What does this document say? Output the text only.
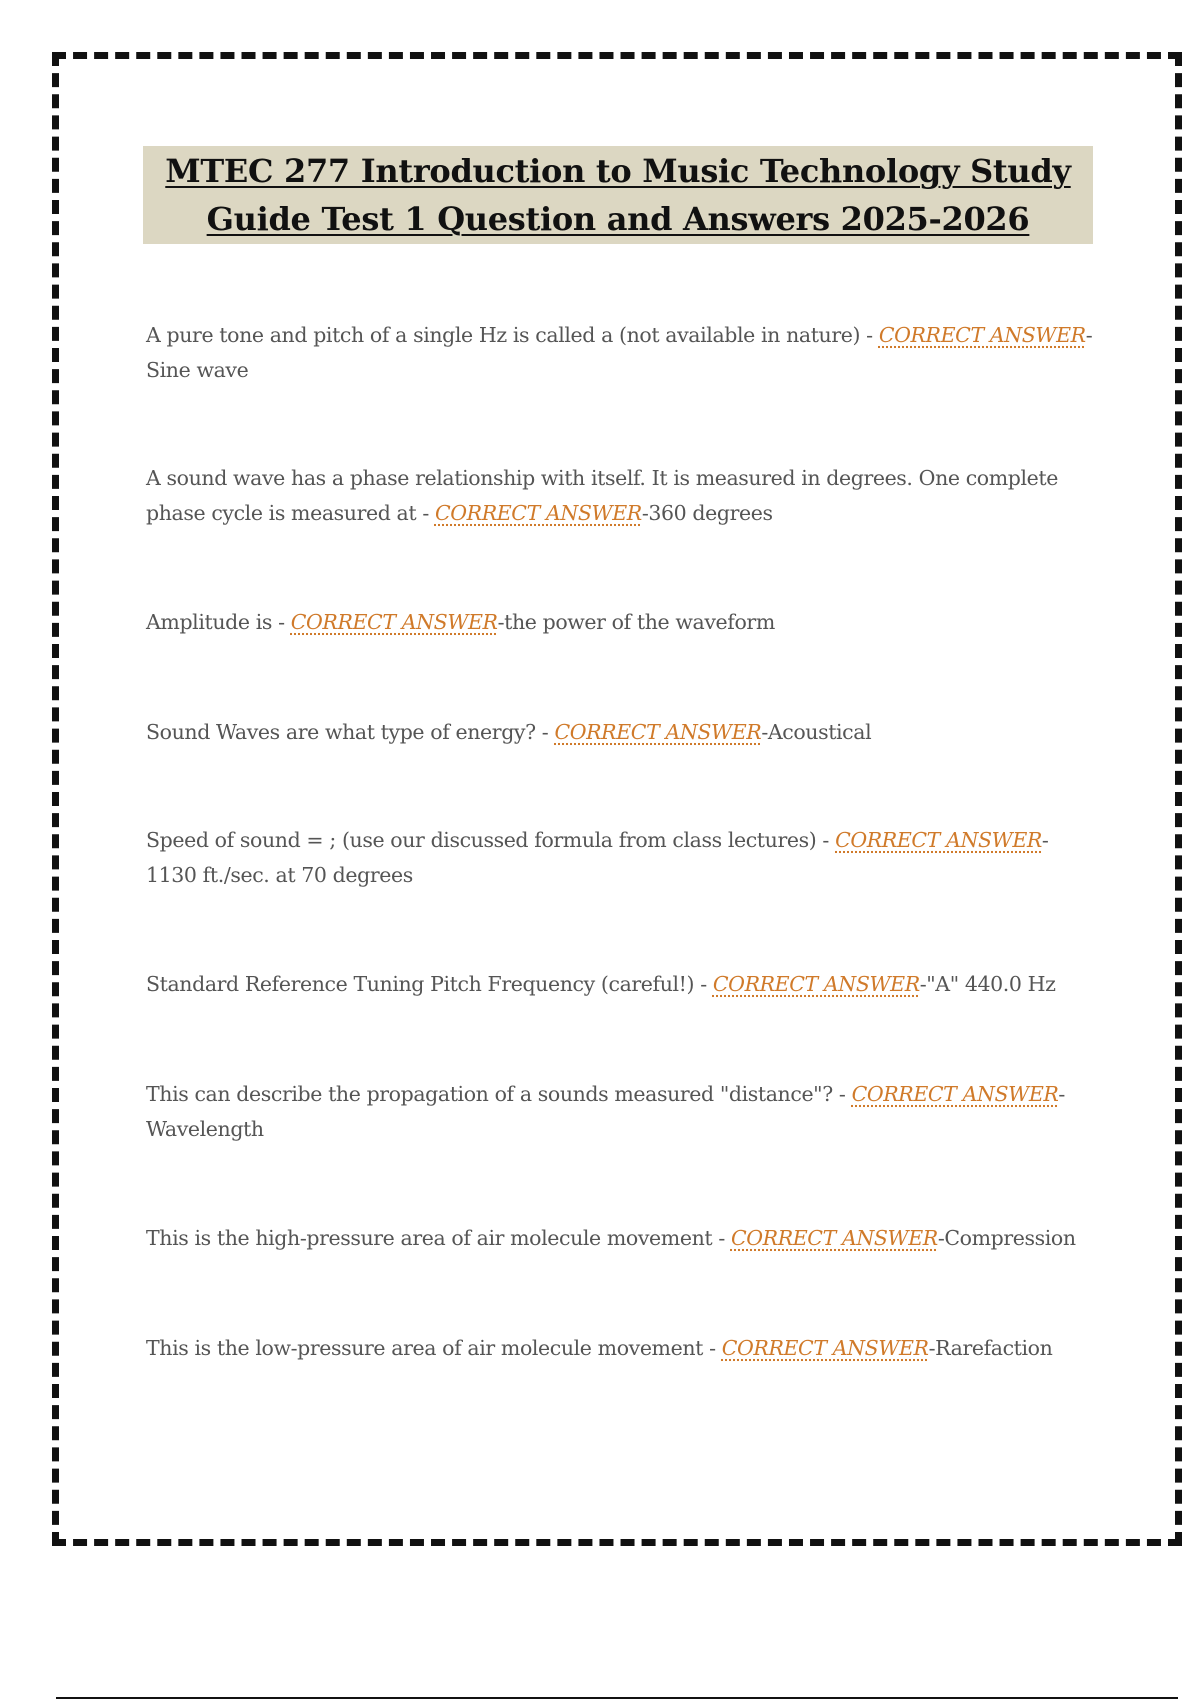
MTEC 277 Introduction to Music Technology Study
Guide Test 1 Question and Answers 2025-2026
A pure tone and pitch of a single Hz is called a (not available in nature) - CORRECT ANSWER-Sine wave
A sound wave has a phase relationship with itself. It is measured in degrees. One complete phase cycle is measured at - CORRECT ANSWER-360 degrees
Amplitude is - CORRECT ANSWER-the power of the waveform
Sound Waves are what type of energy? - CORRECT ANSWER-Acoustical
Speed of sound = ; (use our discussed formula from class lectures) - CORRECT ANSWER-1130 ft./sec. at 70 degrees
Standard Reference Tuning Pitch Frequency (careful!) - CORRECT ANSWER-"A" 440.0 Hz
This can describe the propagation of a sounds measured "distance"? - CORRECT ANSWER-Wavelength
This is the high-pressure area of air molecule movement - CORRECT ANSWER-Compression
This is the low-pressure area of air molecule movement - CORRECT ANSWER-Rarefaction
